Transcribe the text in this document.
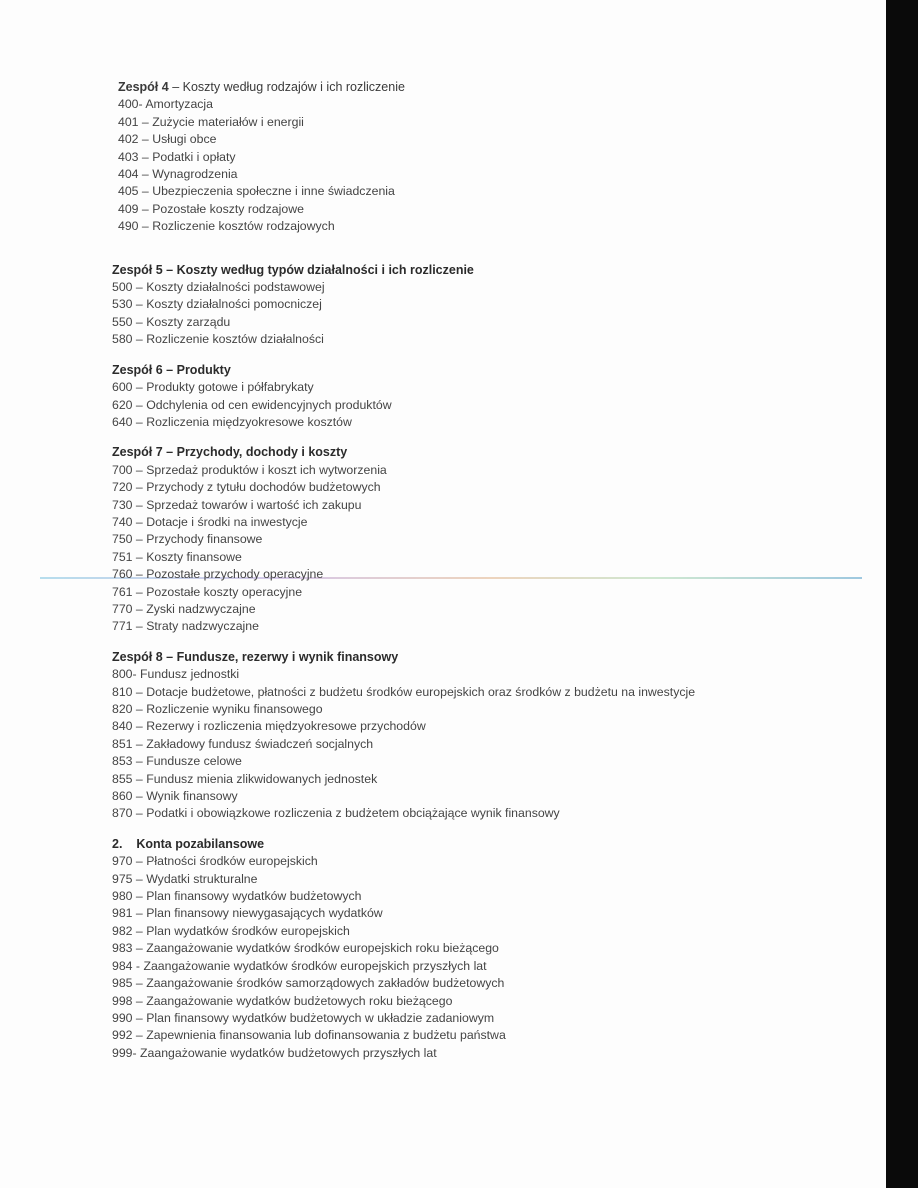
Zespół 4 – Koszty według rodzajów i ich rozliczenie
400- Amortyzacja
401 – Zużycie materiałów i energii
402 – Usługi obce
403 – Podatki i opłaty
404 – Wynagrodzenia
405 – Ubezpieczenia społeczne i inne świadczenia
409 – Pozostałe koszty rodzajowe
490 – Rozliczenie kosztów rodzajowych
Zespół 5 – Koszty według typów działalności i ich rozliczenie
500 – Koszty działalności podstawowej
530 – Koszty działalności pomocniczej
550 – Koszty zarządu
580 – Rozliczenie kosztów działalności
Zespół 6 – Produkty
600 – Produkty gotowe i półfabrykaty
620 – Odchylenia od cen ewidencyjnych produktów
640 – Rozliczenia międzyokresowe kosztów
Zespół 7 – Przychody, dochody i koszty
700 – Sprzedaż produktów i koszt ich wytworzenia
720 – Przychody z tytułu dochodów budżetowych
730 – Sprzedaż towarów i wartość ich zakupu
740 – Dotacje i środki na inwestycje
750 – Przychody finansowe
751 – Koszty finansowe
760 – Pozostałe przychody operacyjne
761 – Pozostałe koszty operacyjne
770 – Zyski nadzwyczajne
771 – Straty nadzwyczajne
Zespół 8 – Fundusze, rezerwy i wynik finansowy
800- Fundusz jednostki
810 – Dotacje budżetowe, płatności z budżetu środków europejskich oraz środków z budżetu na inwestycje
820 – Rozliczenie wyniku finansowego
840 – Rezerwy i rozliczenia międzyokresowe przychodów
851 – Zakładowy fundusz świadczeń socjalnych
853 – Fundusze celowe
855 – Fundusz mienia zlikwidowanych jednostek
860 – Wynik finansowy
870 – Podatki i obowiązkowe rozliczenia z budżetem obciążające wynik finansowy
2.    Konta pozabilansowe
970 – Płatności środków europejskich
975 – Wydatki strukturalne
980 – Plan finansowy wydatków budżetowych
981 – Plan finansowy niewygasających wydatków
982 – Plan wydatków środków europejskich
983 – Zaangażowanie wydatków środków europejskich roku bieżącego
984 - Zaangażowanie wydatków środków europejskich przyszłych lat
985 – Zaangażowanie środków samorządowych zakładów budżetowych
998 – Zaangażowanie wydatków budżetowych roku bieżącego
990 – Plan finansowy wydatków budżetowych w układzie zadaniowym
992 – Zapewnienia finansowania lub dofinansowania z budżetu państwa
999- Zaangażowanie wydatków budżetowych przyszłych lat
